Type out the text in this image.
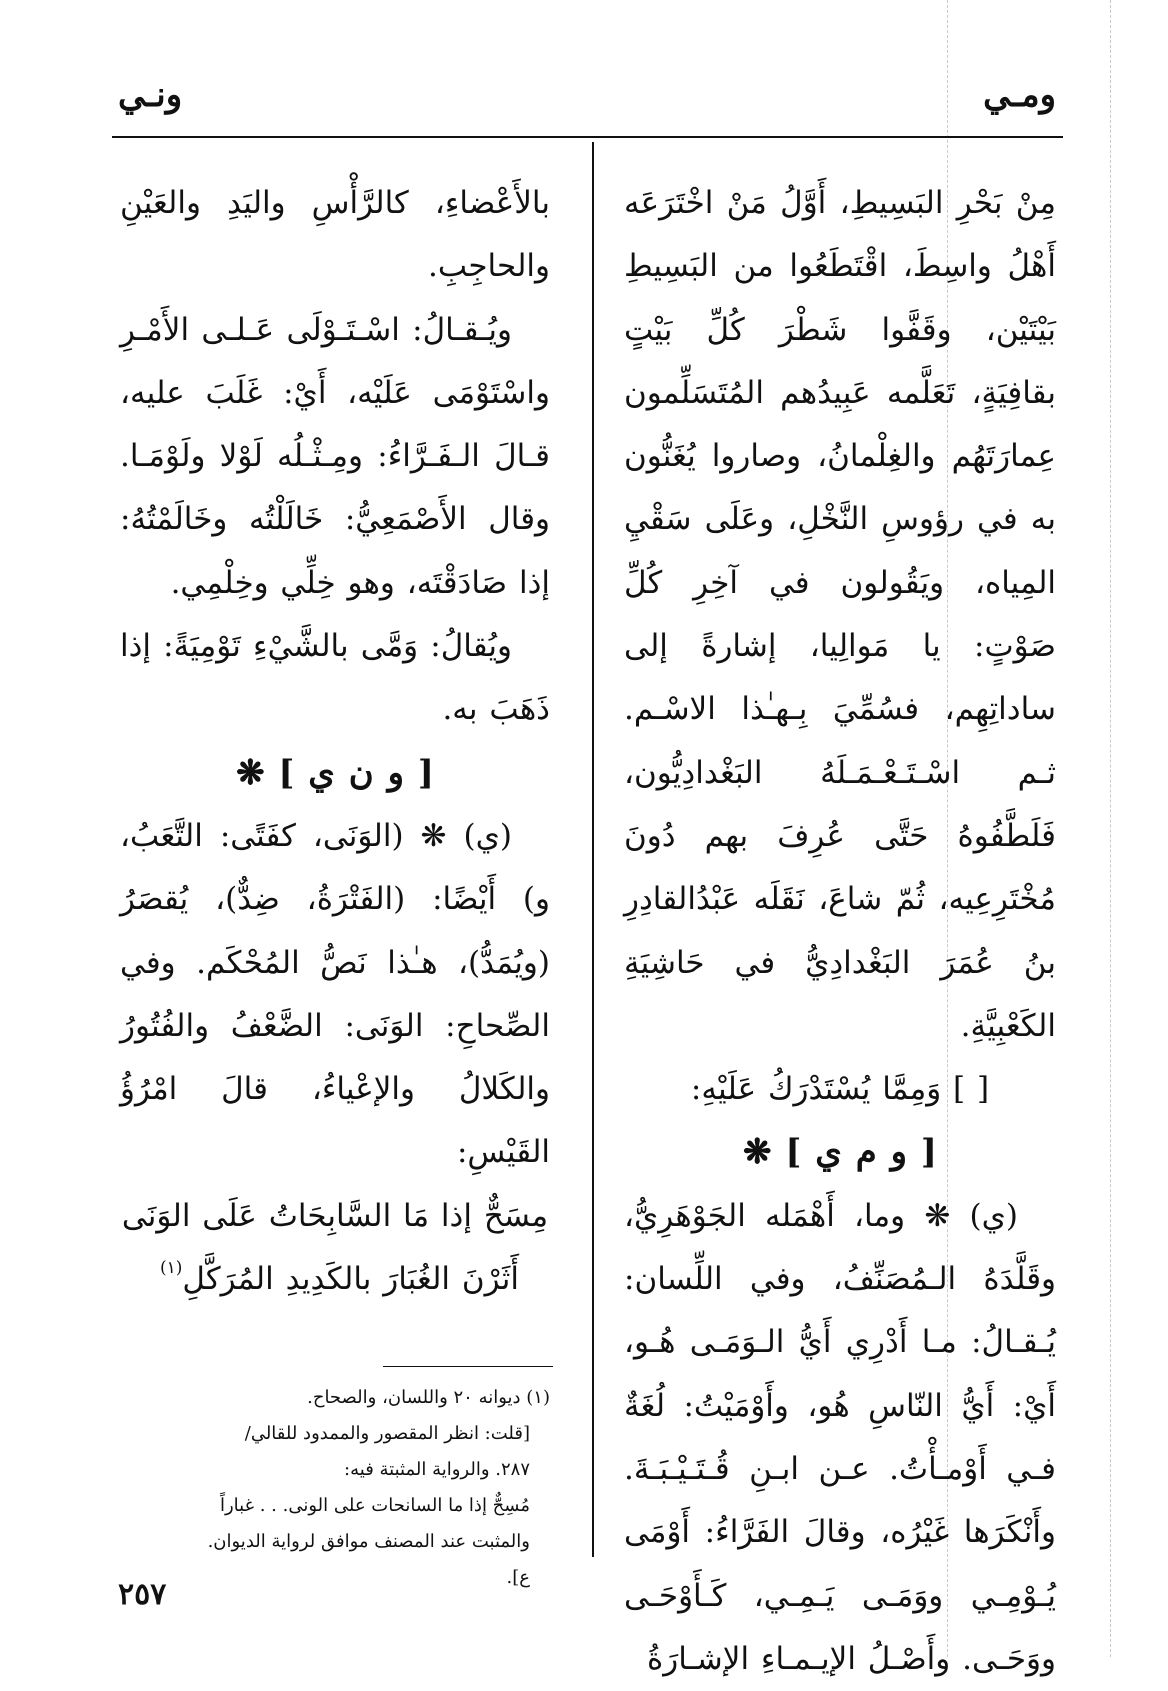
ومـي
ونـي

مِنْ بَحْرِ البَسِيطِ، أَوَّلُ مَنْ اخْتَرَعَه أَهْلُ واسِطَ، اقْتَطَعُوا من البَسِيطِ بَيْتَيْن، وقَفَّوا شَطْرَ كُلِّ بَيْتٍ بقافِيَةٍ، تَعَلَّمه عَبِيدُهم المُتَسَلِّمون عِمارَتَهُم والغِلْمانُ، وصاروا يُغَنُّون به في رؤوسِ النَّخْلِ، وعَلَى سَقْيِ المِياه، ويَقُولون في آخِرِ كُلِّ صَوْتٍ: يا مَوالِيا، إشارةً إلى ساداتِهِم، فسُمِّيَ بِـهـٰذا الاسْـم. ثـم اسْـتَـعْـمَـلَهُ البَغْدادِيُّون، فَلَطَّفُوهُ حَتَّى عُرِفَ بهم دُونَ مُخْتَرِعِيه، ثُمّ شاعَ، نَقَلَه عَبْدُالقادِرِ بنُ عُمَرَ البَغْدادِيُّ في حَاشِيَةِ الكَعْبِيَّةِ.

[ ] وَمِمَّا يُسْتَدْرَكُ عَلَيْهِ:

[ و م ي ] ❋

(ي) ❋ وما، أَهْمَله الجَوْهَرِيُّ، وقَلَّدَهُ الـمُصَنِّفُ، وفي اللِّسان: يُـقـالُ: مـا أَدْرِي أَيُّ الـوَمَـى هُـو، أَيْ: أَيُّ النّاسِ هُو، وأَوْمَيْتُ: لُغَةٌ فـي أَوْمـأْتُ. عـن ابـنِ قُـتَـيْـبَـةَ. وأَنْكَرَها غَيْرُه، وقالَ الفَرَّاءُ: أَوْمَى يُـوْمِـي ووَمَـى يَـمِـي، كَـأَوْحَـى ووَحَـى. وأَصْـلُ الإيـمـاءِ الإشـارَةُ

بالأَعْضاءِ، كالرَّأْسِ واليَدِ والعَيْنِ والحاجِبِ.

ويُـقـالُ: اسْـتَـوْلَى عَـلـى الأَمْـرِ واسْتَوْمَى عَلَيْه، أَيْ: غَلَبَ عليه، قـالَ الـفَـرَّاءُ: ومِـثْـلُه لَوْلا ولَوْمَـا. وقال الأَصْمَعِيُّ: خَالَلْتُه وخَالَمْتُهُ: إذا صَادَقْتَه، وهو خِلِّي وخِلْمِي.

ويُقالُ: وَمَّى بالشَّيْءِ تَوْمِيَةً: إذا ذَهَبَ به.

[ و ن ي ] ❋

(ي) ❋ (الوَنَى، كفَتًى: التَّعَبُ، و) أَيْضًا: (الفَتْرَةُ، ضِدٌّ)، يُقصَرُ (ويُمَدُّ)، هـٰذا نَصُّ المُحْكَم. وفي الصِّحاحِ: الوَنَى: الضَّعْفُ والفُتُورُ والكَلالُ والإعْياءُ، قالَ امْرُؤُ القَيْسِ:

مِسَحٌّ إذا مَا السَّابِحَاتُ عَلَى الوَنَى

أَثَرْنَ الغُبَارَ بالكَدِيدِ المُرَكَّلِ$^{(١)}$

(١) ديوانه ٢٠ واللسان، والصحاح.

[قلت: انظر المقصور والممدود للقالي/

٢٨٧. والرواية المثبتة فيه:

مُسِحٌّ إذا ما السانحات على الونى. . . غباراً

والمثبت عند المصنف موافق لرواية الديوان.

ع].

٢٥٧
